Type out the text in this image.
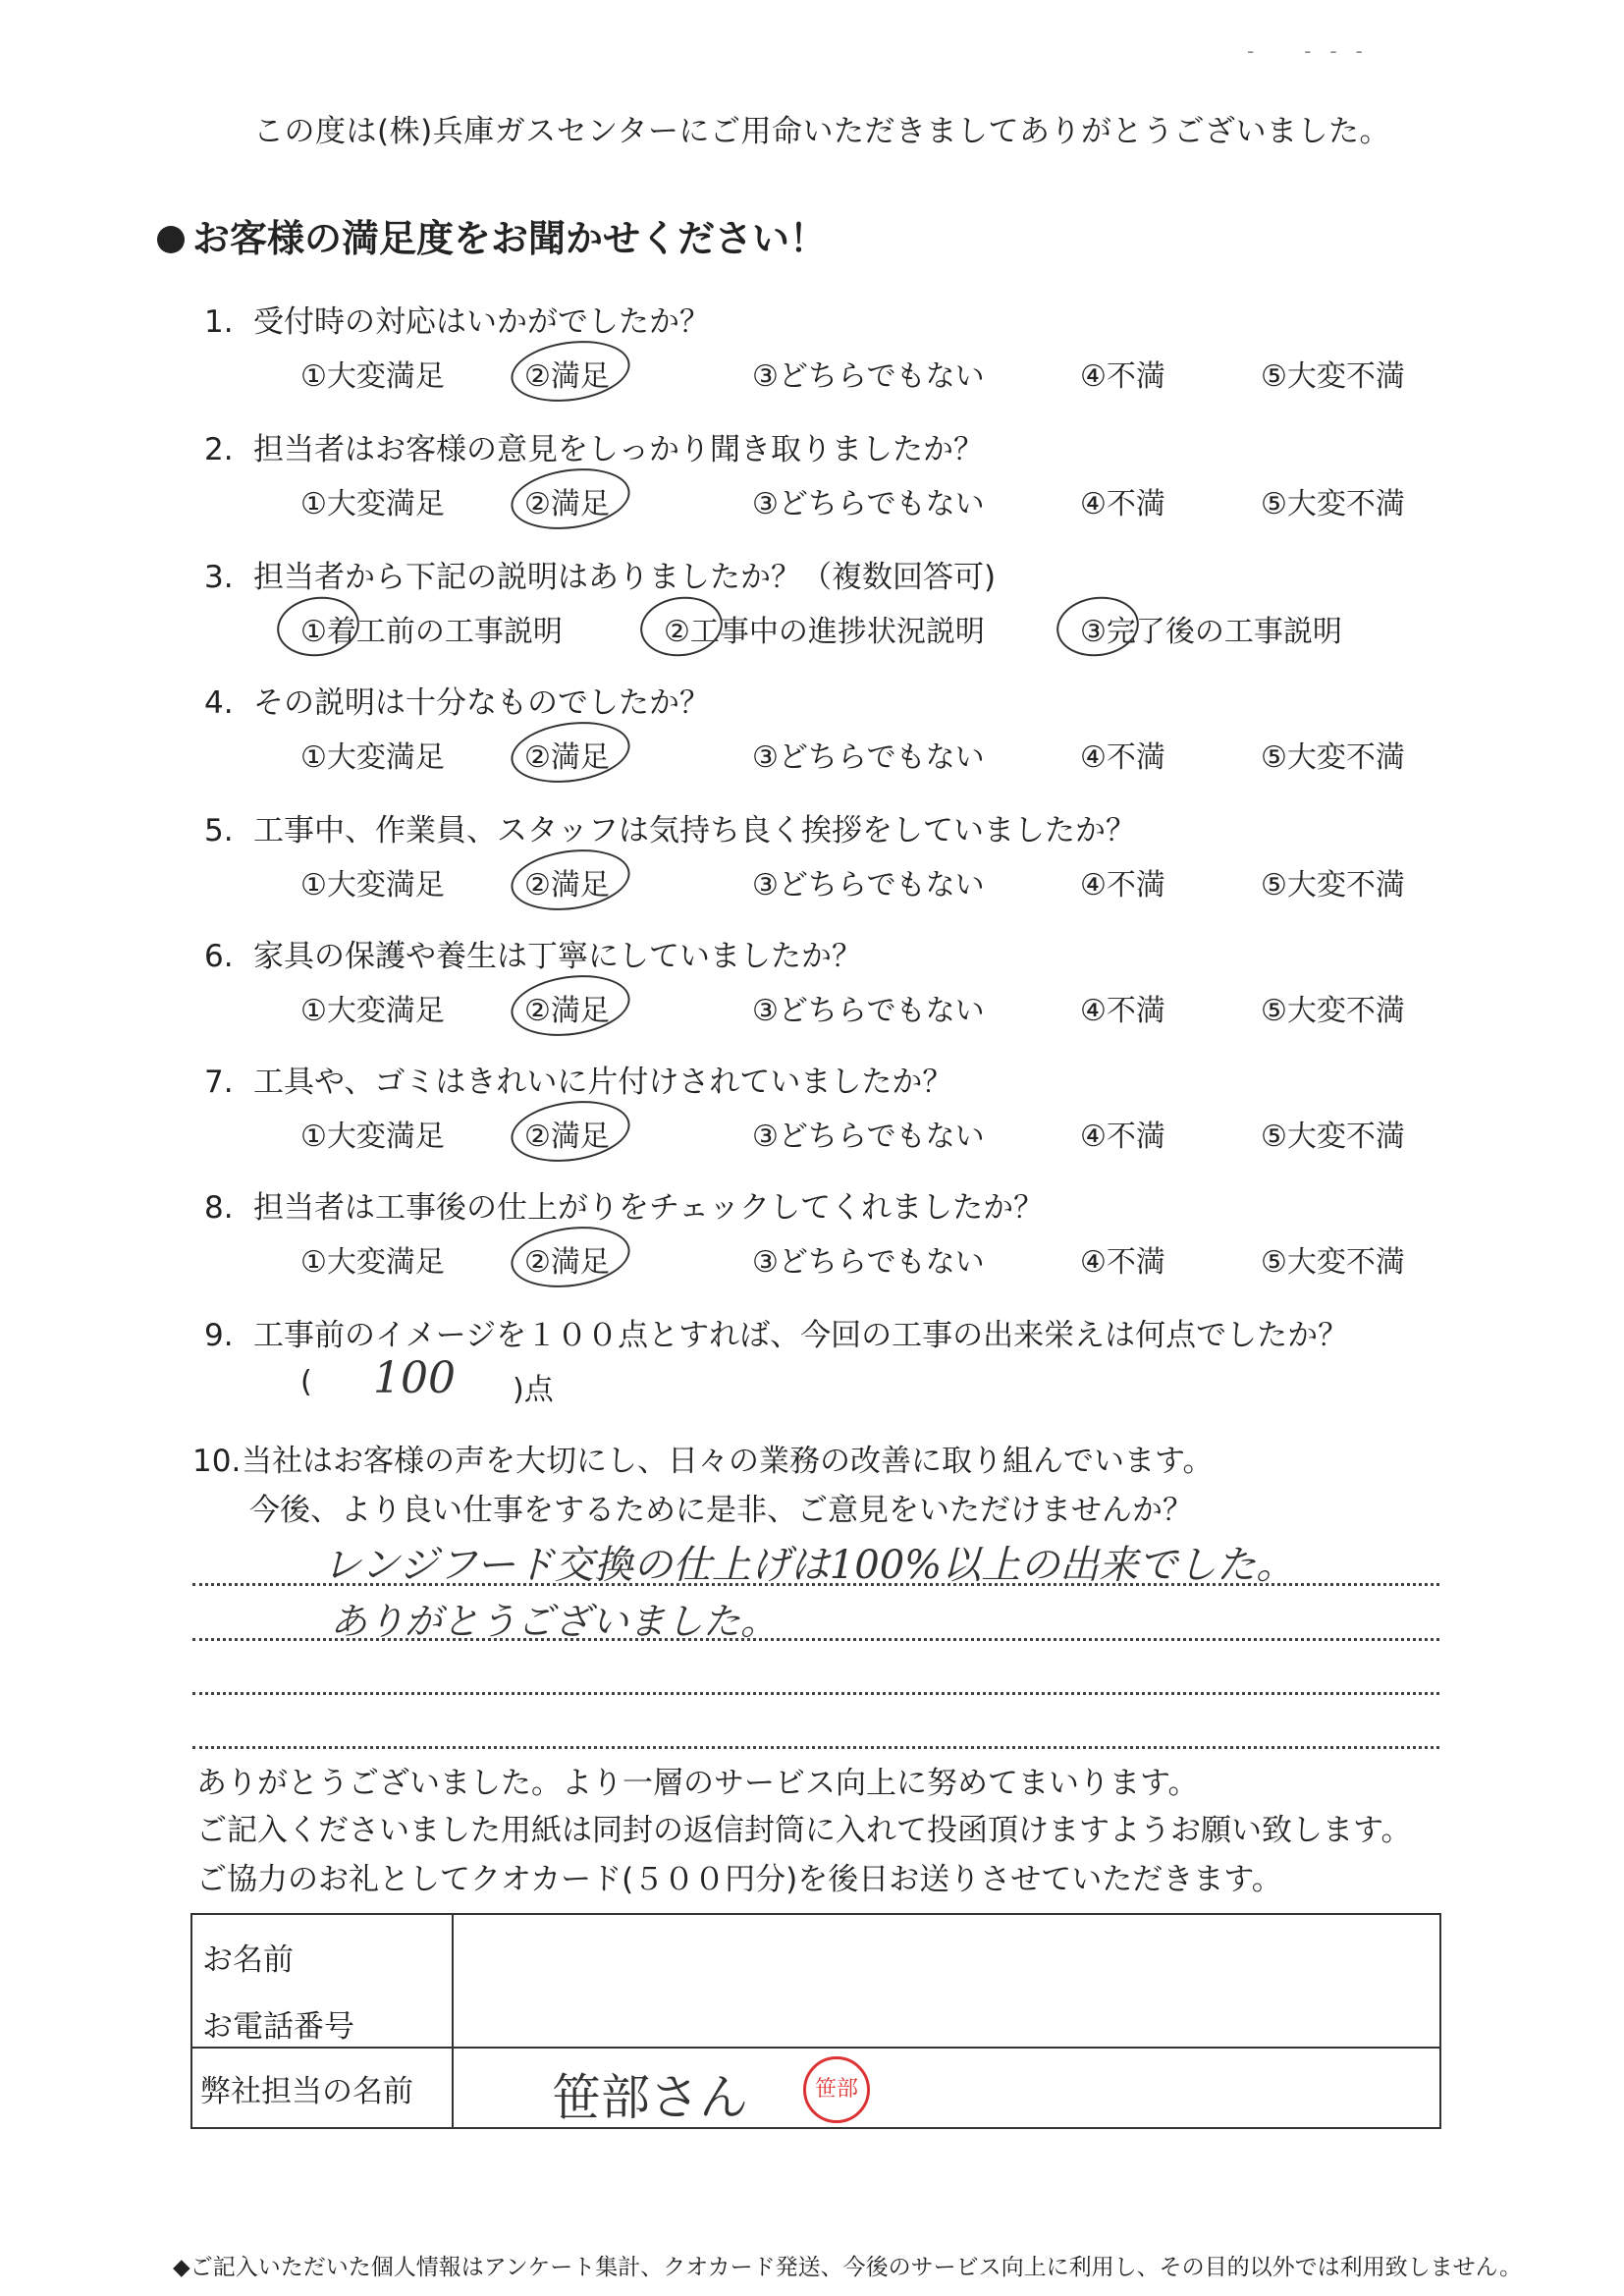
-        -   -   -
この度は(株)兵庫ガスセンターにご用命いただきましてありがとうございました。
お客様の満足度をお聞かせください！
1. 受付時の対応はいかがでしたか？
①大変満足	②満足	③どちらでもない	④不満	⑤大変不満
2. 担当者はお客様の意見をしっかり聞き取りましたか？
①大変満足	②満足	③どちらでもない	④不満	⑤大変不満
3. 担当者から下記の説明はありましたか？（複数回答可)
①着工前の工事説明	②工事中の進捗状況説明	③完了後の工事説明
4. その説明は十分なものでしたか？
①大変満足	②満足	③どちらでもない	④不満	⑤大変不満
5. 工事中、作業員、スタッフは気持ち良く挨拶をしていましたか？
①大変満足	②満足	③どちらでもない	④不満	⑤大変不満
6. 家具の保護や養生は丁寧にしていましたか？
①大変満足	②満足	③どちらでもない	④不満	⑤大変不満
7. 工具や、ゴミはきれいに片付けされていましたか？
①大変満足	②満足	③どちらでもない	④不満	⑤大変不満
8. 担当者は工事後の仕上がりをチェックしてくれましたか？
①大変満足	②満足	③どちらでもない	④不満	⑤大変不満
9. 工事前のイメージを１００点とすれば、今回の工事の出来栄えは何点でしたか？
( 100 )点
10.当社はお客様の声を大切にし、日々の業務の改善に取り組んでいます。
今後、より良い仕事をするために是非、ご意見をいただけませんか？
レンジフード交換の仕上げは100%以上の出来でした。
ありがとうございました。
ありがとうございました。より一層のサービス向上に努めてまいります。
ご記入くださいました用紙は同封の返信封筒に入れて投函頂けますようお願い致します。
ご協力のお礼としてクオカード(５００円分)を後日お送りさせていただきます。
お名前
お電話番号	

弊社担当の名前	笹部さん	笹部
◆ご記入いただいた個人情報はアンケート集計、クオカード発送、今後のサービス向上に利用し、その目的以外では利用致しません。
